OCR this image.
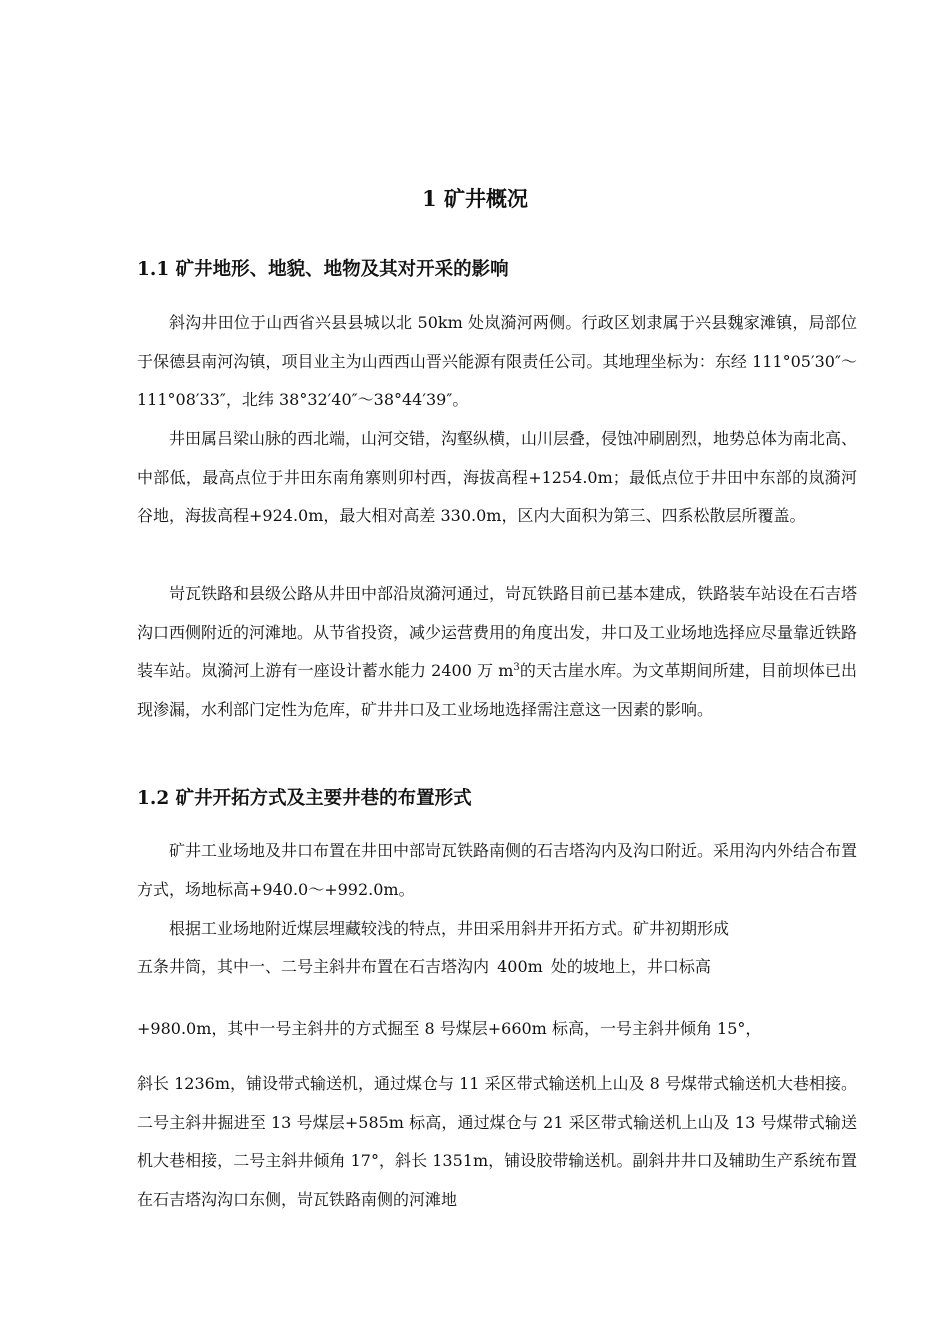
1 矿井概况
1.1 矿井地形、地貌、地物及其对开采的影响

斜沟井田位于山西省兴县县城以北 50km 处岚漪河两侧。行政区划隶属于兴县魏家滩镇，局部位于保德县南河沟镇，项目业主为山西西山晋兴能源有限责任公司。其地理坐标为：东经 111°05′30″～111°08′33″，北纬 38°32′40″～38°44′39″。

井田属吕梁山脉的西北端，山河交错，沟壑纵横，山川层叠，侵蚀冲刷剧烈，地势总体为南北高、中部低，最高点位于井田东南角寨则卯村西，海拔高程+1254.0m；最低点位于井田中东部的岚漪河谷地，海拔高程+924.0m，最大相对高差 330.0m，区内大面积为第三、四系松散层所覆盖。

岢瓦铁路和县级公路从井田中部沿岚漪河通过，岢瓦铁路目前已基本建成，铁路装车站设在石吉塔沟口西侧附近的河滩地。从节省投资，减少运营费用的角度出发，井口及工业场地选择应尽量靠近铁路装车站。岚漪河上游有一座设计蓄水能力 2400 万 $m^3$的天古崖水库。为文革期间所建，目前坝体已出现渗漏，水利部门定性为危库，矿井井口及工业场地选择需注意这一因素的影响。

1.2 矿井开拓方式及主要井巷的布置形式

矿井工业场地及井口布置在井田中部岢瓦铁路南侧的石吉塔沟内及沟口附近。采用沟内外结合布置方式，场地标高+940.0～+992.0m。

根据工业场地附近煤层埋藏较浅的特点，井田采用斜井开拓方式。矿井初期形成

五条井筒，其中一、二号主斜井布置在石吉塔沟内 400m 处的坡地上，井口标高

+980.0m，其中一号主斜井的方式掘至 8 号煤层+660m 标高，一号主斜井倾角 15°，

斜长 1236m，铺设带式输送机，通过煤仓与 11 采区带式输送机上山及 8 号煤带式输送机大巷相接。二号主斜井掘进至 13 号煤层+585m 标高，通过煤仓与 21 采区带式输送机上山及 13 号煤带式输送机大巷相接，二号主斜井倾角 17°，斜长 1351m，铺设胶带输送机。副斜井井口及辅助生产系统布置在石吉塔沟沟口东侧，岢瓦铁路南侧的河滩地
